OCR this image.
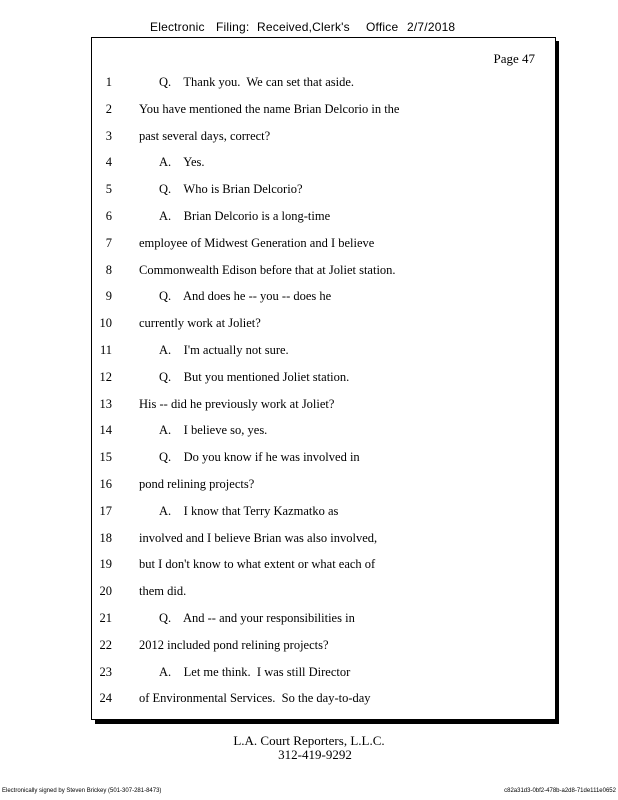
Electronic Filing: Received,Clerk's Office 2/7/2018
Page 47
1	Q.    Thank you.  We can set that aside.
2 You have mentioned the name Brian Delcorio in the
3 past several days, correct?
4	A.    Yes.
5	Q.    Who is Brian Delcorio?
6	A.    Brian Delcorio is a long-time
7 employee of Midwest Generation and I believe
8 Commonwealth Edison before that at Joliet station.
9	Q.    And does he -- you -- does he
10 currently work at Joliet?
11	A.    I'm actually not sure.
12	Q.    But you mentioned Joliet station.
13 His -- did he previously work at Joliet?
14	A.    I believe so, yes.
15	Q.    Do you know if he was involved in
16 pond relining projects?
17	A.    I know that Terry Kazmatko as
18 involved and I believe Brian was also involved,
19 but I don't know to what extent or what each of
20 them did.
21	Q.    And -- and your responsibilities in
22 2012 included pond relining projects?
23	A.    Let me think.  I was still Director
24 of Environmental Services.  So the day-to-day
L.A. Court Reporters, L.L.C.
312-419-9292
Electronically signed by Steven Brickey (501-307-281-8473)	c82a31d3-0bf2-478b-a2d8-71de111e0652
